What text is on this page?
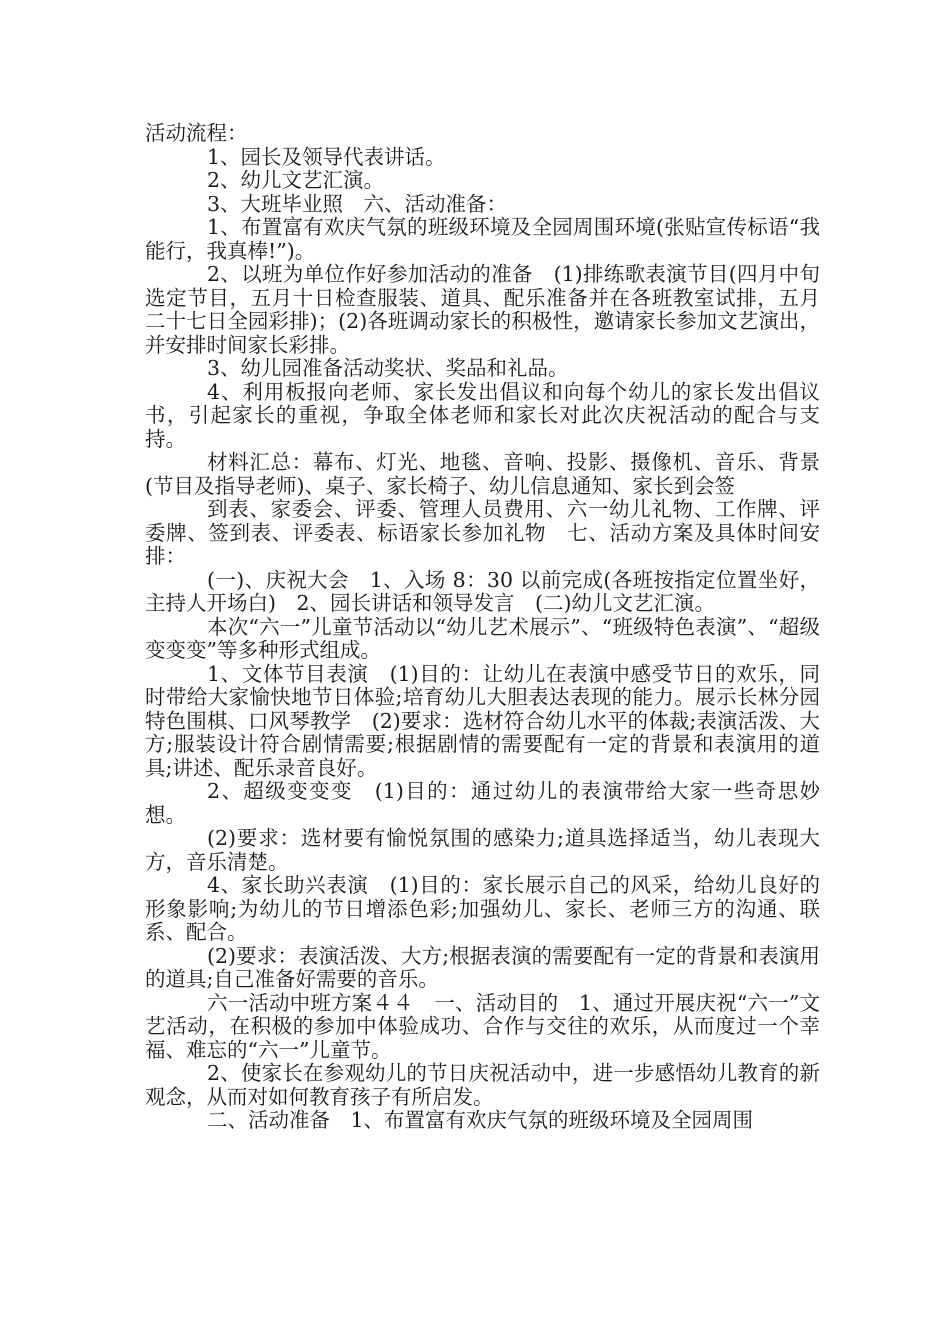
活动流程：

1、园长及领导代表讲话。

2、幼儿文艺汇演。

3、大班毕业照　六、活动准备：

1、布置富有欢庆气氛的班级环境及全园周围环境(张贴宣传标语“我能行，我真棒!”)。

2、以班为单位作好参加活动的准备　(1)排练歌表演节目(四月中旬选定节目，五月十日检查服装、道具、配乐准备并在各班教室试排，五月二十七日全园彩排)；(2)各班调动家长的积极性，邀请家长参加文艺演出，并安排时间家长彩排。

3、幼儿园准备活动奖状、奖品和礼品。

4、利用板报向老师、家长发出倡议和向每个幼儿的家长发出倡议书，引起家长的重视，争取全体老师和家长对此次庆祝活动的配合与支持。

材料汇总：幕布、灯光、地毯、音响、投影、摄像机、音乐、背景(节目及指导老师)、桌子、家长椅子、幼儿信息通知、家长到会签

到表、家委会、评委、管理人员费用、六一幼儿礼物、工作牌、评委牌、签到表、评委表、标语家长参加礼物　七、活动方案及具体时间安排：

(一)、庆祝大会　1、入场 8：30 以前完成(各班按指定位置坐好，主持人开场白)　2、园长讲话和领导发言　(二)幼儿文艺汇演。

本次“六一”儿童节活动以“幼儿艺术展示”、“班级特色表演”、“超级变变变”等多种形式组成。

1、文体节目表演　(1)目的：让幼儿在表演中感受节日的欢乐，同时带给大家愉快地节日体验;培育幼儿大胆表达表现的能力。展示长林分园特色围棋、口风琴教学　(2)要求：选材符合幼儿水平的体裁;表演活泼、大方;服装设计符合剧情需要;根据剧情的需要配有一定的背景和表演用的道具;讲述、配乐录音良好。

2、超级变变变　(1)目的：通过幼儿的表演带给大家一些奇思妙想。

(2)要求：选材要有愉悦氛围的感染力;道具选择适当，幼儿表现大方，音乐清楚。

4、家长助兴表演　(1)目的：家长展示自己的风采，给幼儿良好的形象影响;为幼儿的节日增添色彩;加强幼儿、家长、老师三方的沟通、联系、配合。

(2)要求：表演活泼、大方;根据表演的需要配有一定的背景和表演用的道具;自己准备好需要的音乐。

六一活动中班方案４４　一、活动目的　1、通过开展庆祝“六一”文艺活动，在积极的参加中体验成功、合作与交往的欢乐，从而度过一个幸福、难忘的“六一”儿童节。

2、使家长在参观幼儿的节日庆祝活动中，进一步感悟幼儿教育的新观念，从而对如何教育孩子有所启发。

二、活动准备　1、布置富有欢庆气氛的班级环境及全园周围
